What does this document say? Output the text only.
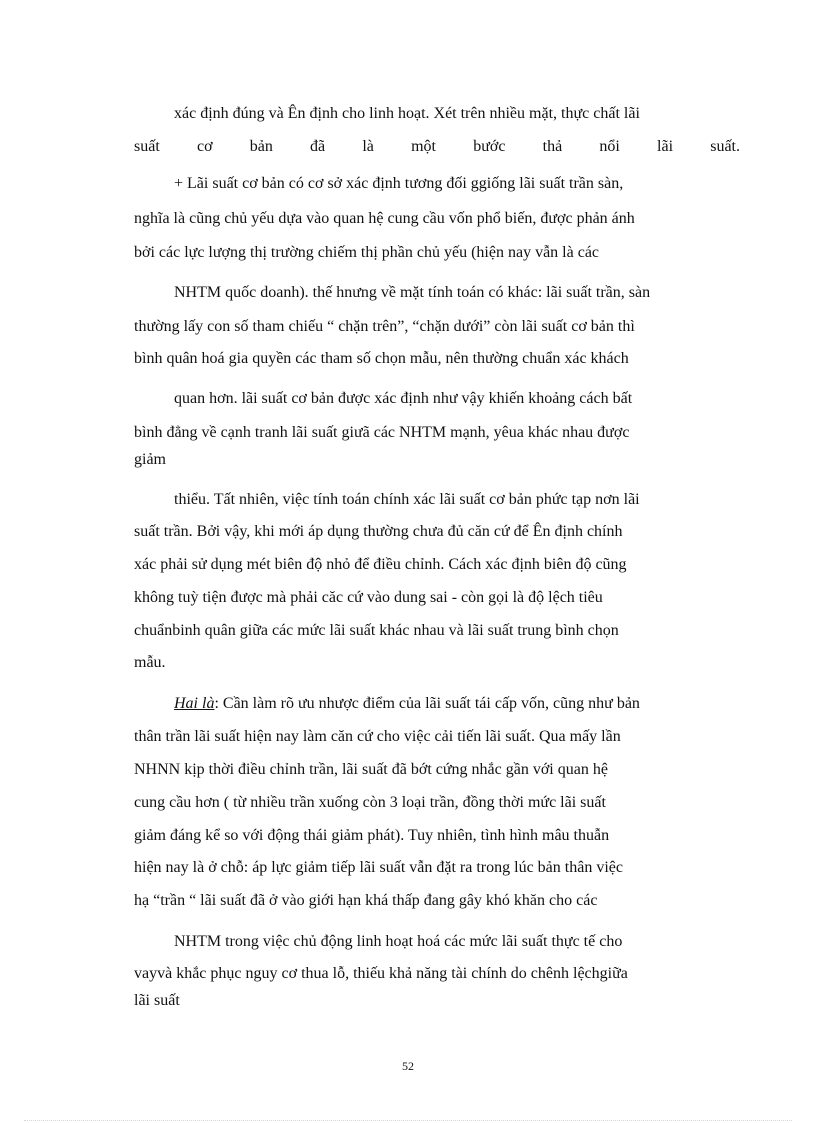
xác định đúng và Ên định cho linh hoạt. Xét trên nhiều mặt, thực chất lãi
suất cơ bản đã là một bước thả nổi lãi suất.
+ Lãi suất cơ bản có cơ sở xác định tương đối ggiống lãi suất trần sàn,
nghĩa là cũng chủ yếu dựa vào quan hệ cung cầu vốn phổ biến, được phản ánh
bởi các lực lượng thị trường chiếm thị phần chủ yếu (hiện nay vẫn là các
NHTM quốc doanh). thế hnưng về mặt tính toán có khác: lãi suất trần, sàn
thường lấy con số tham chiếu “ chặn trên”, “chặn dưới” còn lãi suất cơ bản thì
bình quân hoá gia quyền các tham số chọn mẫu, nên thường chuẩn xác khách
quan hơn. lãi suất cơ bản được xác định như vậy khiến khoảng cách bất
bình đẳng về cạnh tranh lãi suất giưã các NHTM mạnh, yêua khác nhau được
giảm
thiểu. Tất nhiên, việc tính toán chính xác lãi suất cơ bản phức tạp nơn lãi
suất trần. Bởi vậy, khi mới áp dụng thường chưa đủ căn cứ để Ên định chính
xác phải sử dụng mét biên độ nhỏ để điều chỉnh. Cách xác định biên độ cũng
không tuỳ tiện được mà phải căc cứ vào dung sai - còn gọi là độ lệch tiêu
chuẩnbinh quân giữa các mức lãi suất khác nhau và lãi suất trung bình chọn
mẫu.
Hai là: Cần làm rõ ưu nhược điểm của lãi suất tái cấp vốn, cũng như bản
thân trần lãi suất hiện nay làm căn cứ cho việc cải tiến lãi suất. Qua mấy lần
NHNN kịp thời điều chỉnh trần, lãi suất đã bớt cứng nhắc gần với quan hệ
cung cầu hơn ( từ nhiều trần xuống còn 3 loại trần, đồng thời mức lãi suất
giảm đáng kể so với động thái giảm phát). Tuy nhiên, tình hình mâu thuẫn
hiện nay là ở chỗ: áp lực giảm tiếp lãi suất vẫn đặt ra trong lúc bản thân việc
hạ “trần “ lãi suất đã ở vào giới hạn khá thấp đang gây khó khăn cho các
NHTM trong việc chủ động linh hoạt hoá các mức lãi suất thực tế cho
vayvà khắc phục nguy cơ thua lỗ, thiếu khả năng tài chính do chênh lệchgiữa
lãi suất
52
